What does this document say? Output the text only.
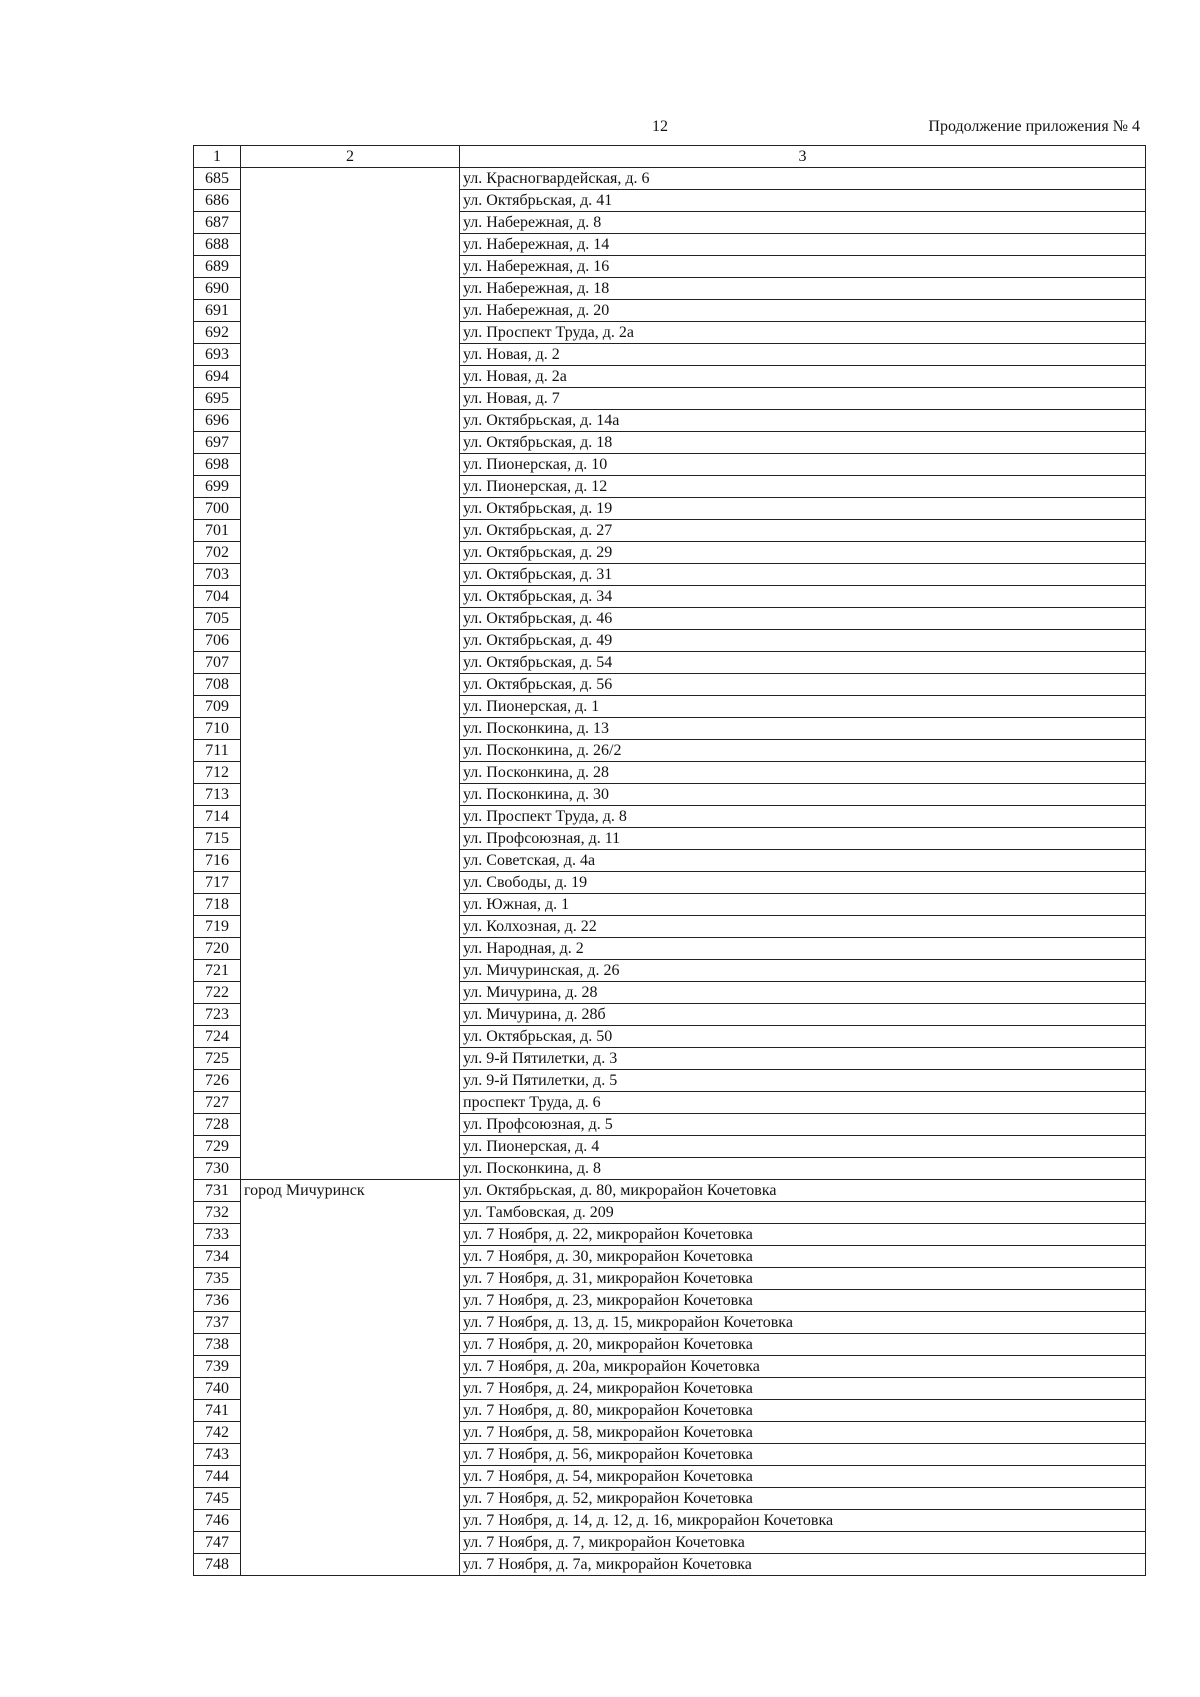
12	Продолжение приложения № 4
1	2	3
685		ул. Красногвардейская, д. 6
686		ул. Октябрьская, д. 41
687		ул. Набережная, д. 8
688		ул. Набережная, д. 14
689		ул. Набережная, д. 16
690		ул. Набережная, д. 18
691		ул. Набережная, д. 20
692		ул. Проспект Труда, д. 2а
693		ул. Новая, д. 2
694		ул. Новая, д. 2а
695		ул. Новая, д. 7
696		ул. Октябрьская, д. 14а
697		ул. Октябрьская, д. 18
698		ул. Пионерская, д. 10
699		ул. Пионерская, д. 12
700		ул. Октябрьская, д. 19
701		ул. Октябрьская, д. 27
702		ул. Октябрьская, д. 29
703		ул. Октябрьская, д. 31
704		ул. Октябрьская, д. 34
705		ул. Октябрьская, д. 46
706		ул. Октябрьская, д. 49
707		ул. Октябрьская, д. 54
708		ул. Октябрьская, д. 56
709		ул. Пионерская, д. 1
710		ул. Посконкина, д. 13
711		ул. Посконкина, д. 26/2
712		ул. Посконкина, д. 28
713		ул. Посконкина, д. 30
714		ул. Проспект Труда, д. 8
715		ул. Профсоюзная, д. 11
716		ул. Советская, д. 4а
717		ул. Свободы, д. 19
718		ул. Южная, д. 1
719		ул. Колхозная, д. 22
720		ул. Народная, д. 2
721		ул. Мичуринская, д. 26
722		ул. Мичурина, д. 28
723		ул. Мичурина, д. 28б
724		ул. Октябрьская, д. 50
725		ул. 9-й Пятилетки, д. 3
726		ул. 9-й Пятилетки, д. 5
727		проспект Труда, д. 6
728		ул. Профсоюзная, д. 5
729		ул. Пионерская, д. 4
730		ул. Посконкина, д. 8
731	город Мичуринск	ул. Октябрьская, д. 80, микрорайон Кочетовка
732		ул. Тамбовская, д. 209
733		ул. 7 Ноября, д. 22, микрорайон Кочетовка
734		ул. 7 Ноября, д. 30, микрорайон Кочетовка
735		ул. 7 Ноября, д. 31, микрорайон Кочетовка
736		ул. 7 Ноября, д. 23, микрорайон Кочетовка
737		ул. 7 Ноября, д. 13, д. 15, микрорайон Кочетовка
738		ул. 7 Ноября, д. 20, микрорайон Кочетовка
739		ул. 7 Ноября, д. 20а, микрорайон Кочетовка
740		ул. 7 Ноября, д. 24, микрорайон Кочетовка
741		ул. 7 Ноября, д. 80, микрорайон Кочетовка
742		ул. 7 Ноября, д. 58, микрорайон Кочетовка
743		ул. 7 Ноября, д. 56, микрорайон Кочетовка
744		ул. 7 Ноября, д. 54, микрорайон Кочетовка
745		ул. 7 Ноября, д. 52, микрорайон Кочетовка
746		ул. 7 Ноября, д. 14, д. 12, д. 16, микрорайон Кочетовка
747		ул. 7 Ноября, д. 7, микрорайон Кочетовка
748		ул. 7 Ноября, д. 7а, микрорайон Кочетовка
